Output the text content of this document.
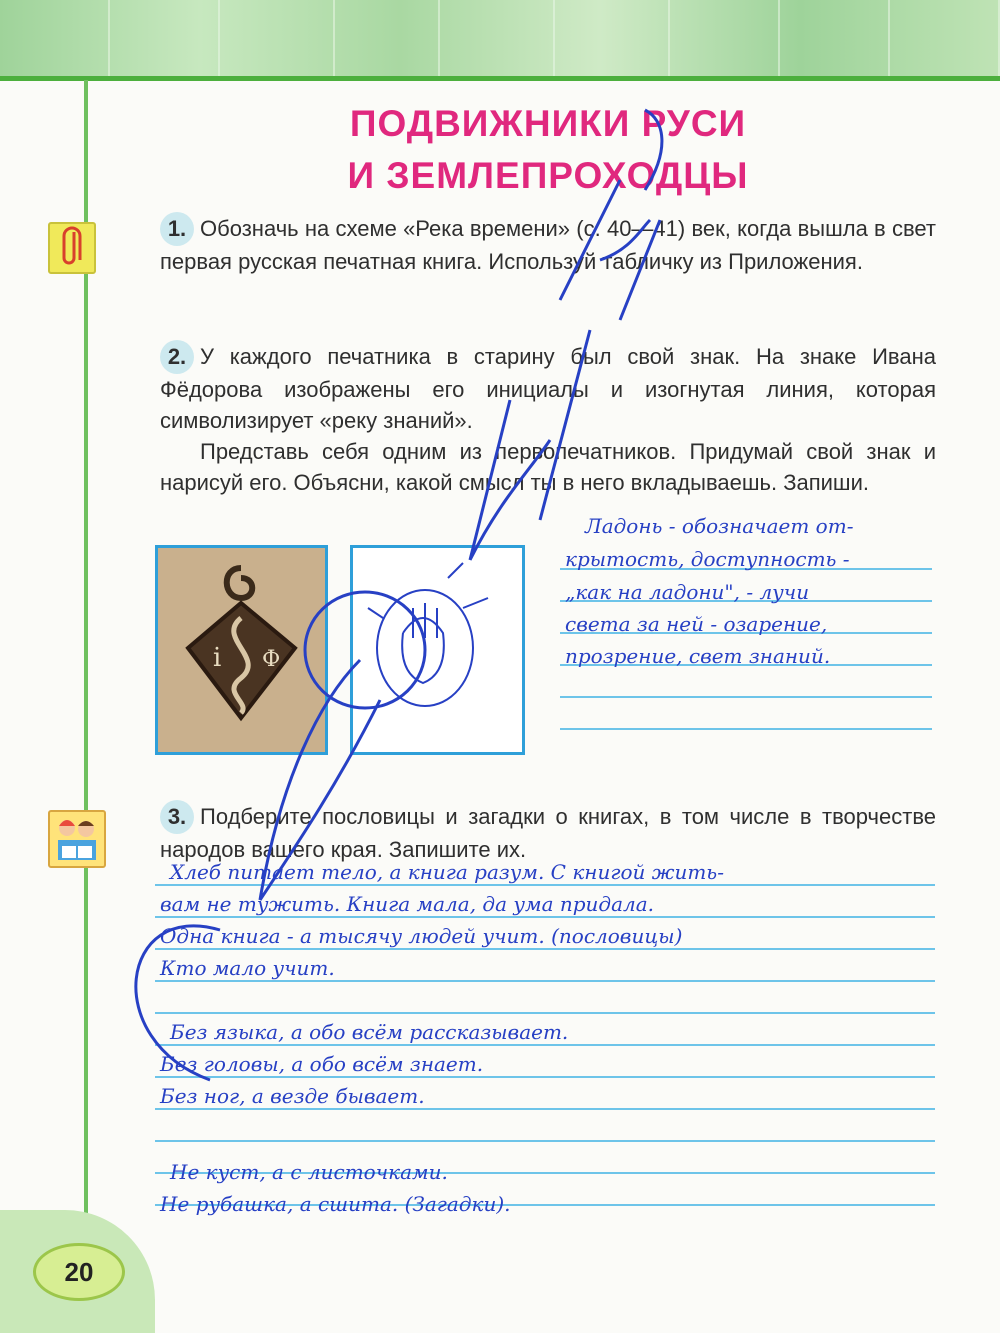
ПОДВИЖНИКИ РУСИ
И ЗЕМЛЕПРОХОДЦЫ

1. Обозначь на схеме «Река времени» (с. 40—41) век, когда вышла в свет первая русская печатная книга. Используй табличку из Приложения.

2. У каждого печатника в старину был свой знак. На знаке Ивана Фёдорова изображены его инициалы и изогнутая линия, которая символизирует «реку знаний».

Представь себя одним из первопечатников. Придумай свой знак и нарисуй его. Объясни, какой смысл ты в него вкладываешь. Запиши.

i Ф
Ладонь - обозначает от-
крытость, доступность -
„как на ладони", - лучи
света за ней - озарение,
прозрение, свет знаний.

3. Подберите пословицы и загадки о книгах, в том числе в творчестве народов вашего края. Запишите их.

Хлеб питает тело, а книга разум. С книгой жить-
вам не тужить. Книга мала, да ума придала.
Одна книга - а тысячу людей учит. (пословицы)
Кто мало учит.
Без языка, а обо всём рассказывает.
Без головы, а обо всём знает.
Без ног, а везде бывает.
Не куст, а с листочками.
Не рубашка, а сшита. (Загадки).
20
